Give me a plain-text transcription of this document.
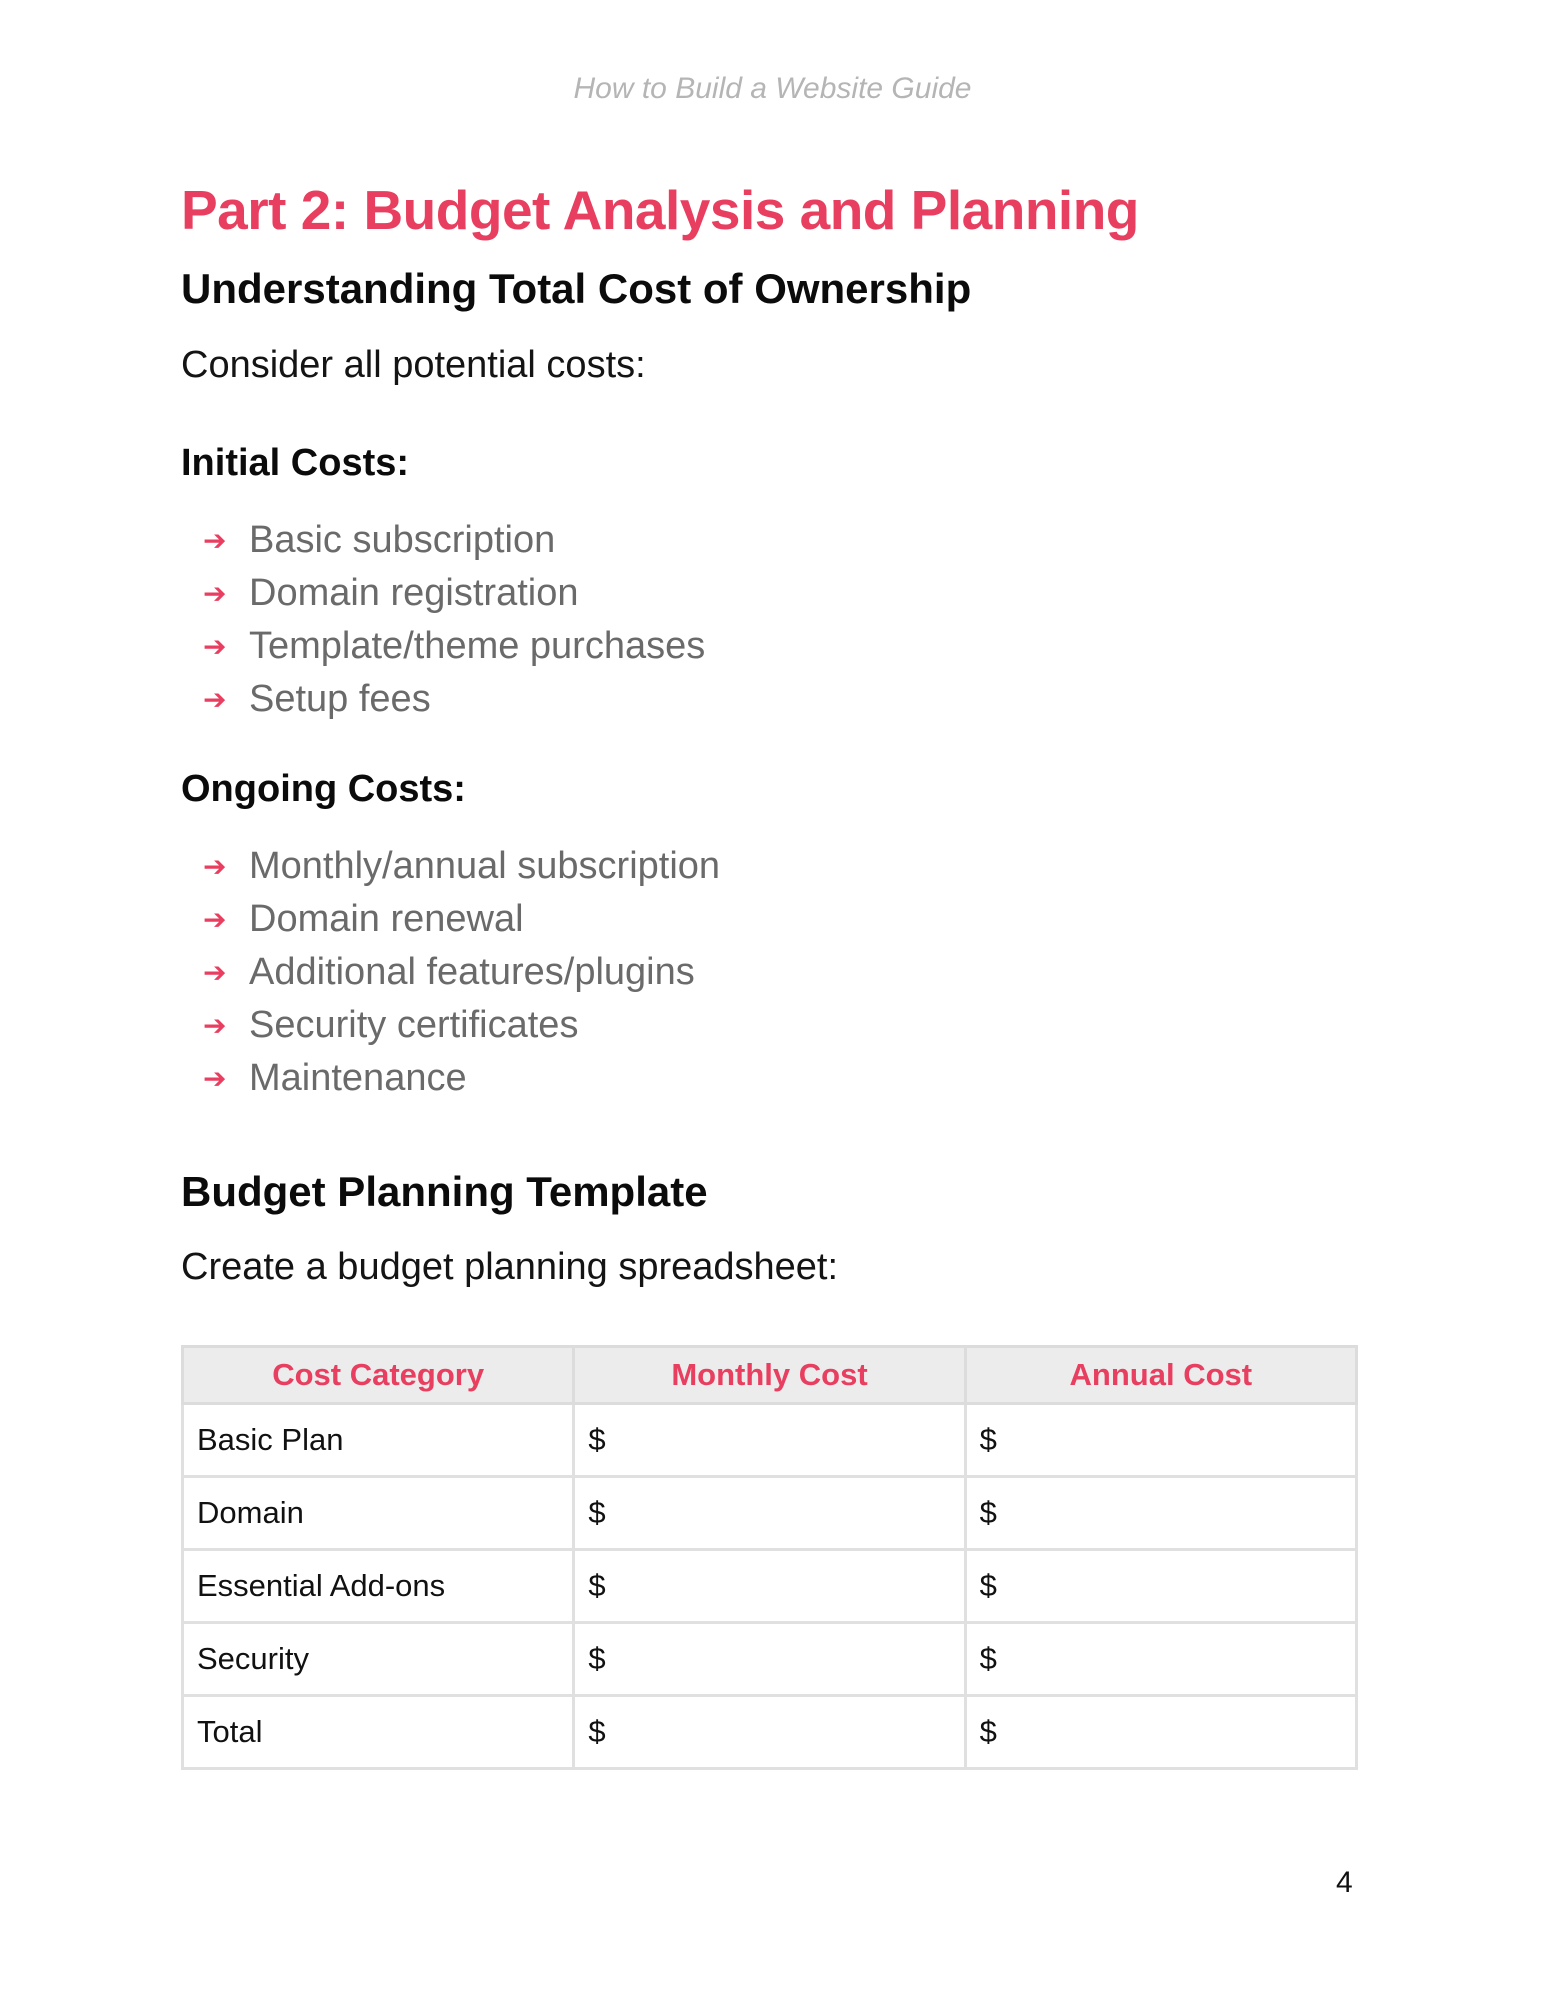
How to Build a Website Guide
Part 2: Budget Analysis and Planning
Understanding Total Cost of Ownership

Consider all potential costs:

Initial Costs:
➔ Basic subscription
➔ Domain registration
➔ Template/theme purchases
➔ Setup fees
Ongoing Costs:
➔ Monthly/annual subscription
➔ Domain renewal
➔ Additional features/plugins
➔ Security certificates
➔ Maintenance
Budget Planning Template

Create a budget planning spreadsheet:

Cost Category	Monthly Cost	Annual Cost
Basic Plan	$	$
Domain	$	$
Essential Add-ons	$	$
Security	$	$
Total	$	$
4
